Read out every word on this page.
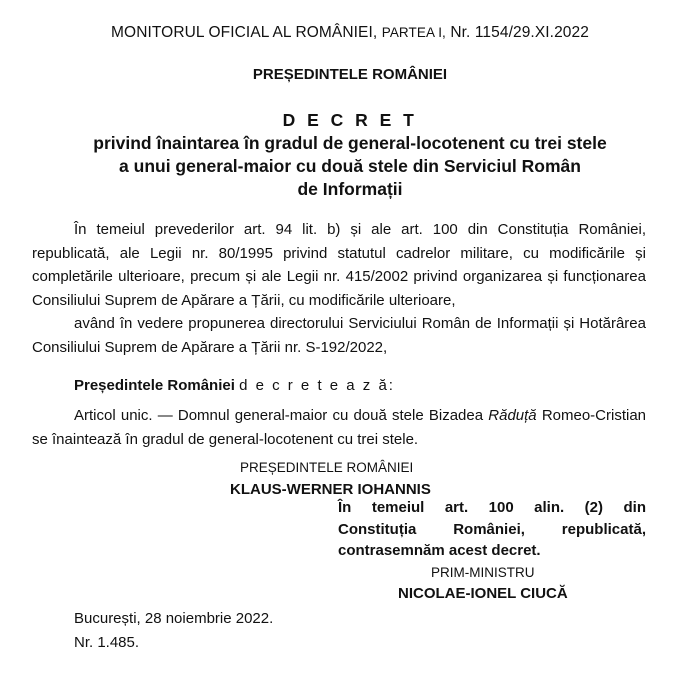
MONITORUL OFICIAL AL ROMÂNIEI, PARTEA I, Nr. 1154/29.XI.2022
PREȘEDINTELE ROMÂNIEI
D E C R E T
privind înaintarea în gradul de general-locotenent cu trei stele
a unui general-maior cu două stele din Serviciul Român
de Informații
În temeiul prevederilor art. 94 lit. b) și ale art. 100 din Constituția României, republicată, ale Legii nr. 80/1995 privind statutul cadrelor militare, cu modificările și completările ulterioare, precum și ale Legii nr. 415/2002 privind organizarea și funcționarea Consiliului Suprem de Apărare a Țării, cu modificările ulterioare,
având în vedere propunerea directorului Serviciului Român de Informații și Hotărârea Consiliului Suprem de Apărare a Țării nr. S-192/2022,
Președintele României d e c r e t e a z ă:
Articol unic. — Domnul general-maior cu două stele Bizadea Răduță Romeo-Cristian se înaintează în gradul de general-locotenent cu trei stele.
PREȘEDINTELE ROMÂNIEI
KLAUS-WERNER IOHANNIS
În temeiul art. 100 alin. (2) din
Constituția României, republicată,
contrasemnăm acest decret.
PRIM-MINISTRU
NICOLAE-IONEL CIUCĂ
București, 28 noiembrie 2022.
Nr. 1.485.
